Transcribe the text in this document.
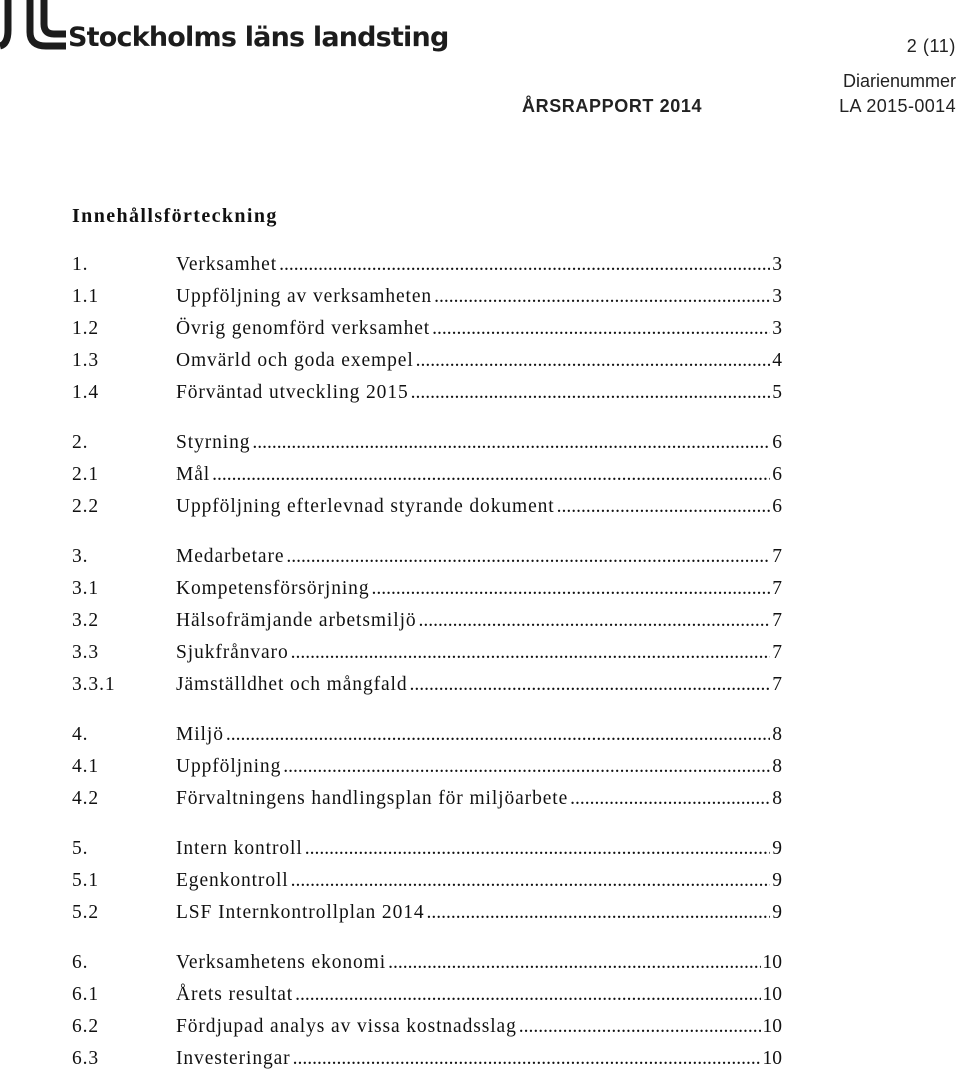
Stockholms läns landsting	2 (11)
Diarienummer
ÅRSRAPPORT 2014	LA 2015-0014
Innehållsförteckning
1.	Verksamhet .....	3
1.1	Uppföljning av verksamheten .....	3
1.2	Övrig genomförd verksamhet .....	3
1.3	Omvärld och goda exempel .....	4
1.4	Förväntad utveckling 2015 .....	5
2.	Styrning .....	6
2.1	Mål .....	6
2.2	Uppföljning efterlevnad styrande dokument .....	6
3.	Medarbetare .....	7
3.1	Kompetensförsörjning .....	7
3.2	Hälsofrämjande arbetsmiljö .....	7
3.3	Sjukfrånvaro .....	7
3.3.1	Jämställdhet och mångfald .....	7
4.	Miljö .....	8
4.1	Uppföljning .....	8
4.2	Förvaltningens handlingsplan för miljöarbete .....	8
5.	Intern kontroll .....	9
5.1	Egenkontroll .....	9
5.2	LSF Internkontrollplan 2014 .....	9
6.	Verksamhetens ekonomi .....	10
6.1	Årets resultat .....	10
6.2	Fördjupad analys av vissa kostnadsslag .....	10
6.3	Investeringar .....	10
